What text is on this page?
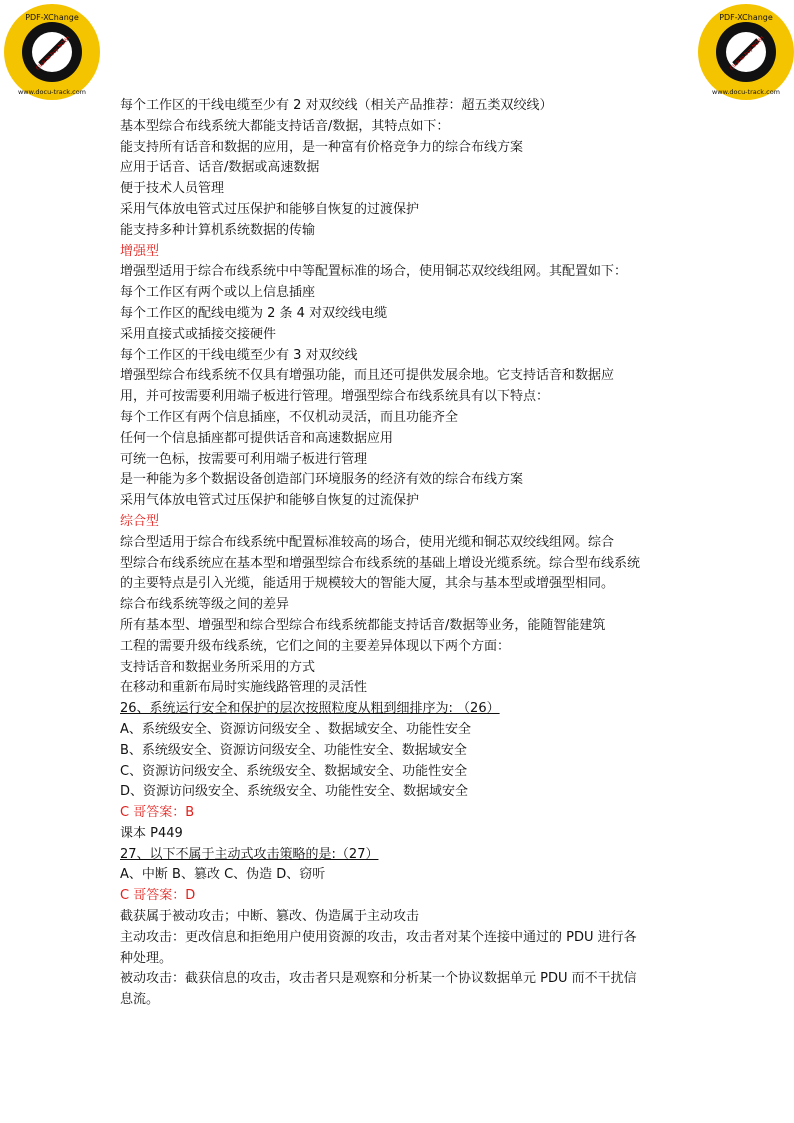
PDF-XChange
www.docu-track.com
Click to buy NOW!
PDF-XChange
www.docu-track.com
Click to buy NOW!
每个工作区的干线电缆至少有 2 对双绞线（相关产品推荐：超五类双绞线）
基本型综合布线系统大都能支持话音/数据，其特点如下：
能支持所有话音和数据的应用，是一种富有价格竞争力的综合布线方案
应用于话音、话音/数据或高速数据
便于技术人员管理
采用气体放电管式过压保护和能够自恢复的过渡保护
能支持多种计算机系统数据的传输
增强型
增强型适用于综合布线系统中中等配置标准的场合，使用铜芯双绞线组网。其配置如下：
每个工作区有两个或以上信息插座
每个工作区的配线电缆为 2 条 4 对双绞线电缆
采用直接式或插接交接硬件
每个工作区的干线电缆至少有 3 对双绞线
增强型综合布线系统不仅具有增强功能，而且还可提供发展余地。它支持话音和数据应
用，并可按需要利用端子板进行管理。增强型综合布线系统具有以下特点：
每个工作区有两个信息插座，不仅机动灵活，而且功能齐全
任何一个信息插座都可提供话音和高速数据应用
可统一色标，按需要可利用端子板进行管理
是一种能为多个数据设备创造部门环境服务的经济有效的综合布线方案
采用气体放电管式过压保护和能够自恢复的过流保护
综合型
综合型适用于综合布线系统中配置标准较高的场合，使用光缆和铜芯双绞线组网。综合
型综合布线系统应在基本型和增强型综合布线系统的基础上增设光缆系统。综合型布线系统
的主要特点是引入光缆，能适用于规模较大的智能大厦，其余与基本型或增强型相同。
综合布线系统等级之间的差异
所有基本型、增强型和综合型综合布线系统都能支持话音/数据等业务，能随智能建筑
工程的需要升级布线系统，它们之间的主要差异体现以下两个方面：
支持话音和数据业务所采用的方式
在移动和重新布局时实施线路管理的灵活性
26、系统运行安全和保护的层次按照粒度从粗到细排序为: （26）
A、系统级安全、资源访问级安全 、数据域安全、功能性安全
B、系统级安全、资源访问级安全、功能性安全、数据域安全
C、资源访问级安全、系统级安全、数据域安全、功能性安全
D、资源访问级安全、系统级安全、功能性安全、数据域安全
C 哥答案：B
课本 P449
27、以下不属于主动式攻击策略的是:（27）
A、中断 B、篡改 C、伪造 D、窃听
C 哥答案：D
截获属于被动攻击；中断、篡改、伪造属于主动攻击
主动攻击：更改信息和拒绝用户使用资源的攻击，攻击者对某个连接中通过的 PDU 进行各
种处理。
被动攻击：截获信息的攻击，攻击者只是观察和分析某一个协议数据单元 PDU 而不干扰信
息流。
